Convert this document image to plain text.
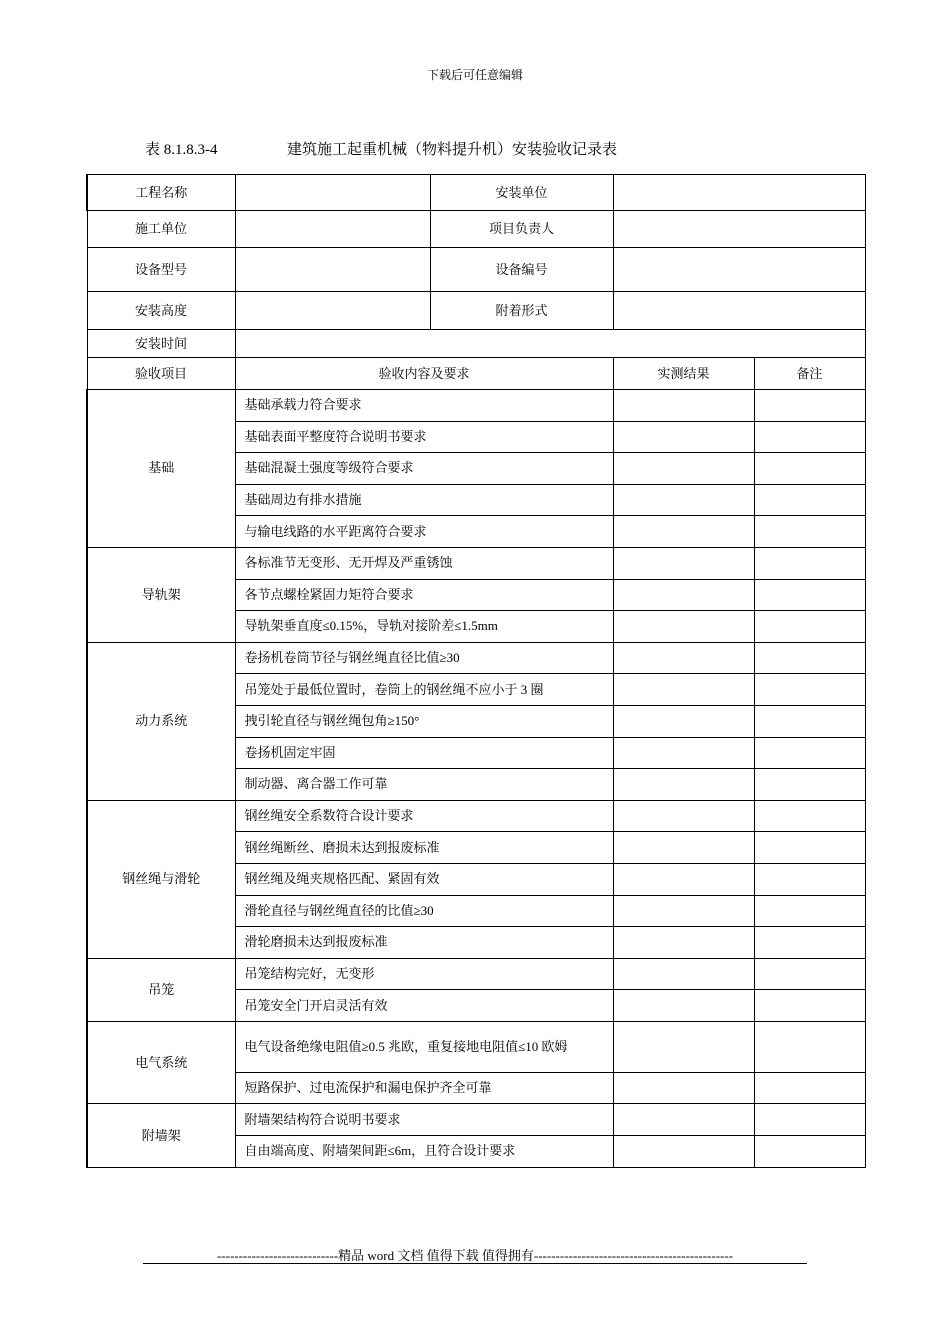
下载后可任意编辑
表 8.1.8.3-4	建筑施工起重机械（物料提升机）安装验收记录表
工程名称		安装单位		
施工单位		项目负责人		
设备型号		设备编号		
安装高度		附着形式		
安装时间				
验收项目	验收内容及要求		实测结果	备注
基础	基础承载力符合要求			
	基础表面平整度符合说明书要求			
	基础混凝土强度等级符合要求			
	基础周边有排水措施			
	与输电线路的水平距离符合要求			
导轨架	各标准节无变形、无开焊及严重锈蚀			
	各节点螺栓紧固力矩符合要求			
	导轨架垂直度≤0.15%，导轨对接阶差≤1.5mm			
动力系统	卷扬机卷筒节径与钢丝绳直径比值≥30			
	吊笼处于最低位置时，卷筒上的钢丝绳不应小于 3 圈			
	拽引轮直径与钢丝绳包角≥150°			
	卷扬机固定牢固			
	制动器、离合器工作可靠			
钢丝绳与滑轮	钢丝绳安全系数符合设计要求			
	钢丝绳断丝、磨损未达到报废标准			
	钢丝绳及绳夹规格匹配、紧固有效			
	滑轮直径与钢丝绳直径的比值≥30			
	滑轮磨损未达到报废标准			
吊笼	吊笼结构完好，无变形			
	吊笼安全门开启灵活有效			
电气系统	电气设备绝缘电阻值≥0.5 兆欧，重复接地电阻值≤10 欧姆			
	短路保护、过电流保护和漏电保护齐全可靠			
附墙架	附墙架结构符合说明书要求			
	自由端高度、附墙架间距≤6m，且符合设计要求			
----------------------------精品 word 文档 值得下载 值得拥有----------------------------------------------
